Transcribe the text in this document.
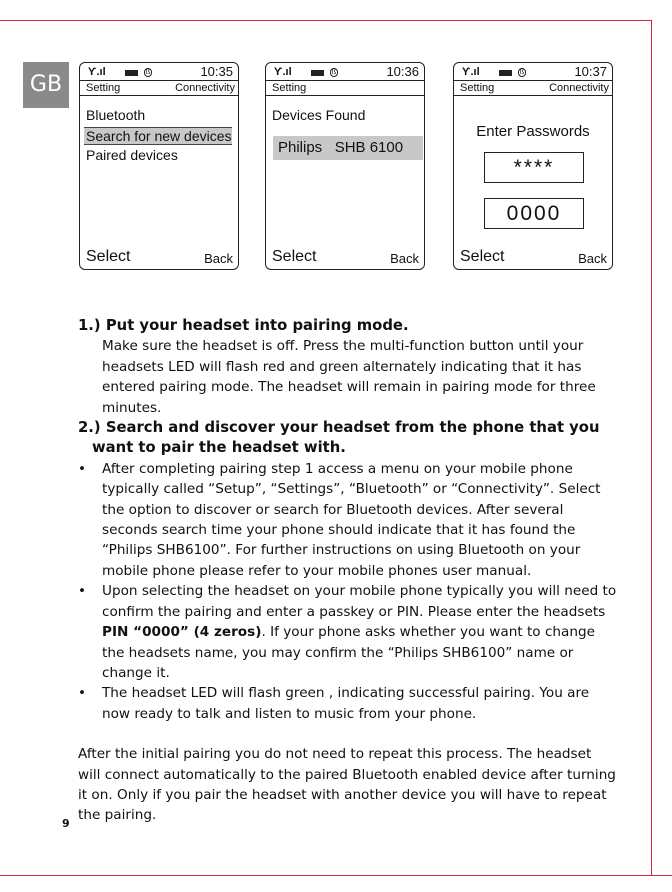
GB	Ƴ.ıl	ß	10:35
Setting	Connectivity
Bluetooth
Search for new devices
Paired devices
Select	Back
Ƴ.ıl	ß	10:36
Setting
Devices Found
Philips   SHB 6100
Select	Back
Ƴ.ıl	ß	10:37
Setting	Connectivity
Enter Passwords
****
0000
Select	Back

1.) Put your headset into pairing mode.

Make sure the headset is off. Press the multi-function button until your headsets LED will flash red and green alternately indicating that it has entered pairing mode. The headset will remain in pairing mode for three minutes.

2.) Search and discover your headset from the phone that you

want to pair the headset with.

• After completing pairing step 1 access a menu on your mobile phone typically called “Setup”, “Settings”, “Bluetooth” or “Connectivity”. Select the option to discover or search for Bluetooth devices. After several seconds search time your phone should indicate that it has found the “Philips SHB6100”. For further instructions on using Bluetooth on your mobile phone please refer to your mobile phones user manual.
• Upon selecting the headset on your mobile phone typically you will need to confirm the pairing and enter a passkey or PIN. Please enter the headsets PIN “0000” (4 zeros). If your phone asks whether you want to change the headsets name, you may confirm the “Philips SHB6100” name or change it.
• The headset LED will flash green , indicating successful pairing. You are now ready to talk and listen to music from your phone.

After the initial pairing you do not need to repeat this process. The headset will connect automatically to the paired Bluetooth enabled device after turning it on. Only if you pair the headset with another device you will have to repeat the pairing.

9
